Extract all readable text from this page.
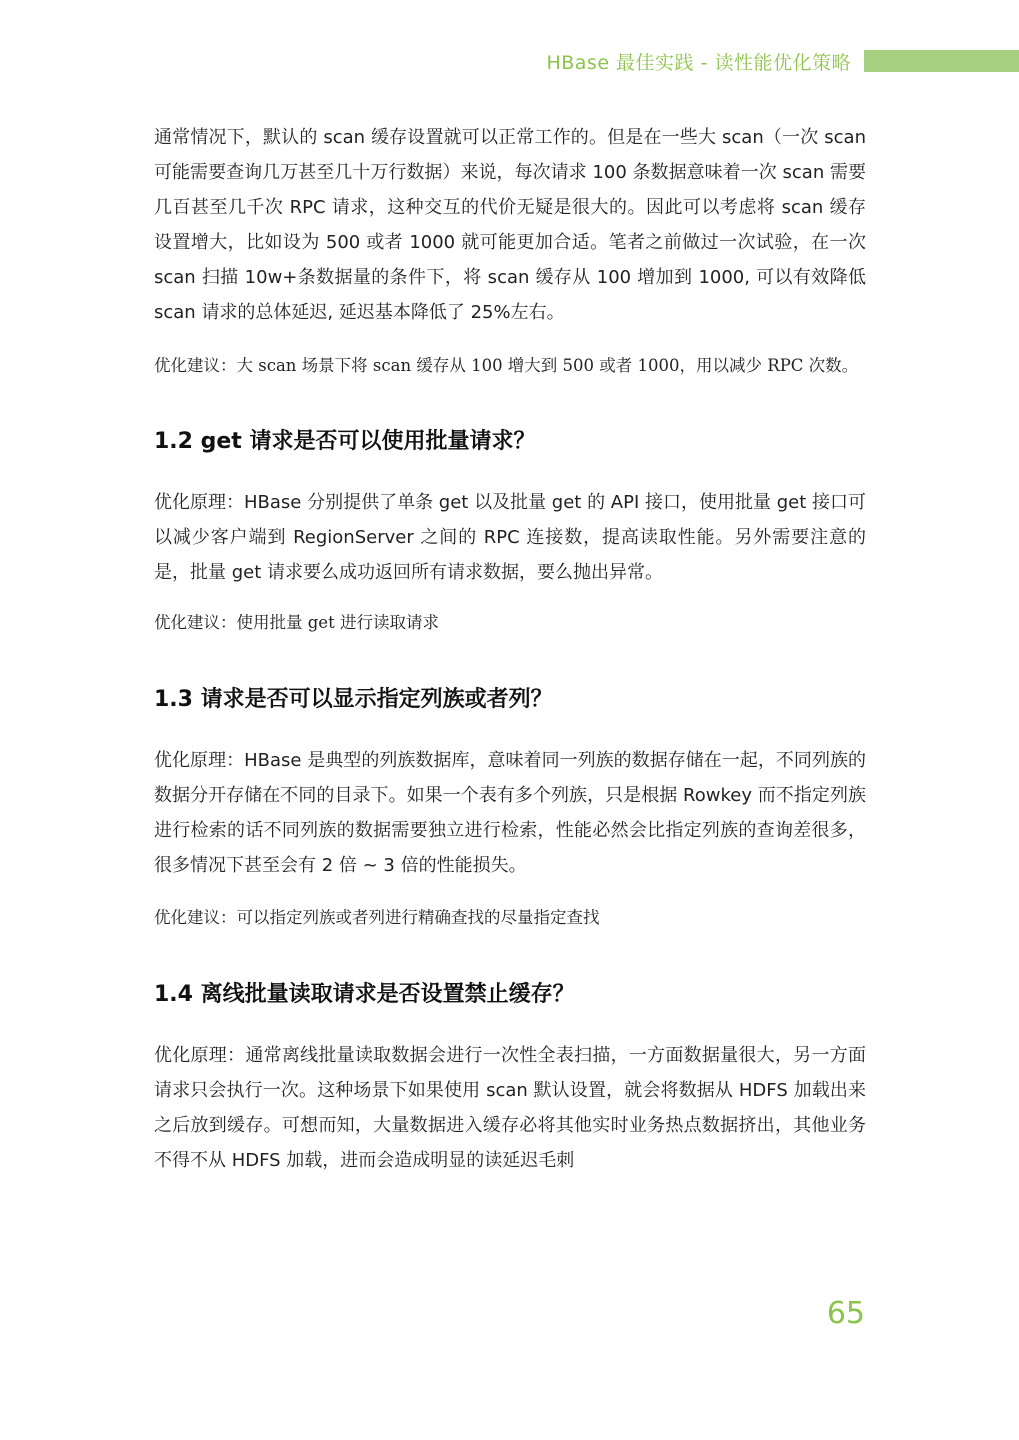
HBase 最佳实践 - 读性能优化策略

通常情况下，默认的 scan 缓存设置就可以正常工作的。但是在一些大 scan（一次 scan 可能需要查询几万甚至几十万行数据）来说，每次请求 100 条数据意味着一次 scan 需要几百甚至几千次 RPC 请求，这种交互的代价无疑是很大的。因此可以考虑将 scan 缓存设置增大，比如设为 500 或者 1000 就可能更加合适。笔者之前做过一次试验，在一次 scan 扫描 10w+条数据量的条件下，将 scan 缓存从 100 增加到 1000, 可以有效降低 scan 请求的总体延迟, 延迟基本降低了 25%左右。

优化建议：大 scan 场景下将 scan 缓存从 100 增大到 500 或者 1000，用以减少 RPC 次数。

1.2 get 请求是否可以使用批量请求？

优化原理：HBase 分别提供了单条 get 以及批量 get 的 API 接口，使用批量 get 接口可以减少客户端到 RegionServer 之间的 RPC 连接数，提高读取性能。另外需要注意的是，批量 get 请求要么成功返回所有请求数据，要么抛出异常。

优化建议：使用批量 get 进行读取请求

1.3 请求是否可以显示指定列族或者列？

优化原理：HBase 是典型的列族数据库，意味着同一列族的数据存储在一起，不同列族的数据分开存储在不同的目录下。如果一个表有多个列族，只是根据 Rowkey 而不指定列族进行检索的话不同列族的数据需要独立进行检索，性能必然会比指定列族的查询差很多，很多情况下甚至会有 2 倍 ~ 3 倍的性能损失。

优化建议：可以指定列族或者列进行精确查找的尽量指定查找

1.4 离线批量读取请求是否设置禁止缓存？

优化原理：通常离线批量读取数据会进行一次性全表扫描，一方面数据量很大，另一方面请求只会执行一次。这种场景下如果使用 scan 默认设置，就会将数据从 HDFS 加载出来之后放到缓存。可想而知，大量数据进入缓存必将其他实时业务热点数据挤出，其他业务不得不从 HDFS 加载，进而会造成明显的读延迟毛刺

65
